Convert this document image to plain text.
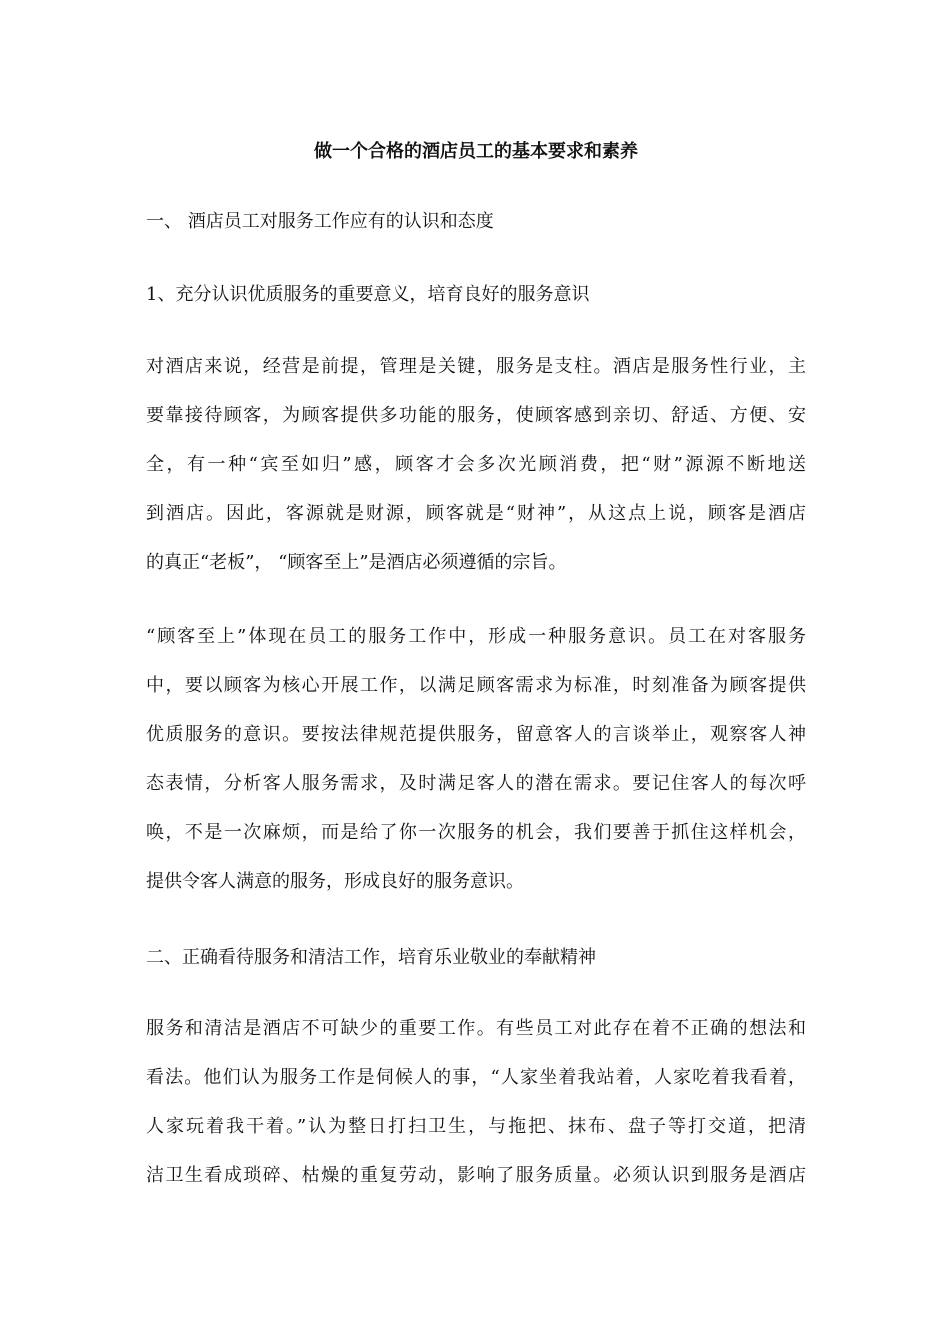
做一个合格的酒店员工的基本要求和素养
一、 酒店员工对服务工作应有的认识和态度
1、充分认识优质服务的重要意义，培育良好的服务意识
对酒店来说，经营是前提，管理是关键，服务是支柱。酒店是服务性行业，主
要靠接待顾客，为顾客提供多功能的服务，使顾客感到亲切、舒适、方便、安
全，有一种“宾至如归”感，顾客才会多次光顾消费，把“财”源源不断地送
到酒店。因此，客源就是财源，顾客就是“财神”，从这点上说，顾客是酒店
的真正“老板”， “顾客至上”是酒店必须遵循的宗旨。
“顾客至上”体现在员工的服务工作中，形成一种服务意识。员工在对客服务
中，要以顾客为核心开展工作，以满足顾客需求为标准，时刻准备为顾客提供
优质服务的意识。要按法律规范提供服务，留意客人的言谈举止，观察客人神
态表情，分析客人服务需求，及时满足客人的潜在需求。要记住客人的每次呼
唤，不是一次麻烦，而是给了你一次服务的机会，我们要善于抓住这样机会，
提供令客人满意的服务，形成良好的服务意识。
二、正确看待服务和清洁工作，培育乐业敬业的奉献精神
服务和清洁是酒店不可缺少的重要工作。有些员工对此存在着不正确的想法和
看法。他们认为服务工作是伺候人的事，“人家坐着我站着，人家吃着我看着，
人家玩着我干着。”认为整日打扫卫生，与拖把、抹布、盘子等打交道，把清
洁卫生看成琐碎、枯燥的重复劳动，影响了服务质量。必须认识到服务是酒店
